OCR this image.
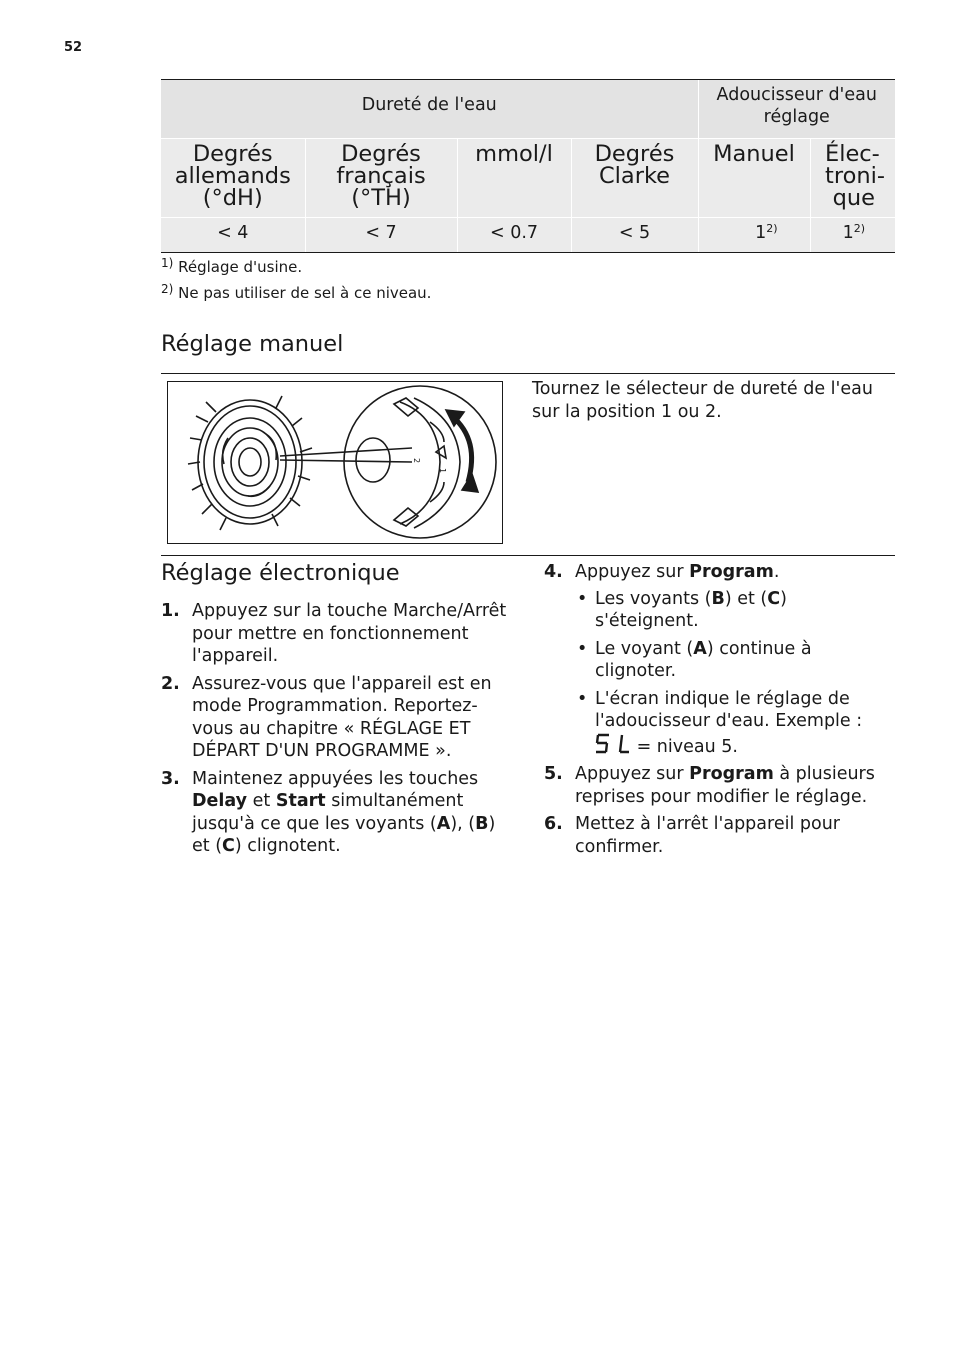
52
Dureté de l'eau				Adoucisseur d'eau réglage	
Degrés allemands (°dH)	Degrés français (°TH)	mmol/l	Degrés Clarke	Manuel	Élec-troni-que
< 4	< 7	< 0.7	< 5	1$^{2)}$	1$^{2)}$
$^{1)}$ Réglage d'usine.
$^{2)}$ Ne pas utiliser de sel à ce niveau.
Réglage manuel
2
1
Tournez le sélecteur de dureté de l'eau sur la position 1 ou 2.
Réglage électronique
1. Appuyez sur la touche Marche/Arrêt pour mettre en fonctionnement l'appareil.
2. Assurez-vous que l'appareil est en mode Programmation. Reportez-vous au chapitre « RÉGLAGE ET DÉPART D'UN PROGRAMME ».
3. Maintenez appuyées les touches Delay et Start simultanément jusqu'à ce que les voyants (A), (B) et (C) clignotent.
4. Appuyez sur Program.
• Les voyants (B) et (C) s'éteignent.
• Le voyant (A) continue à clignoter.
• L'écran indique le réglage de l'adoucisseur d'eau. Exemple :
= niveau 5.
5. Appuyez sur Program à plusieurs reprises pour modifier le réglage.
6. Mettez à l'arrêt l'appareil pour confirmer.
